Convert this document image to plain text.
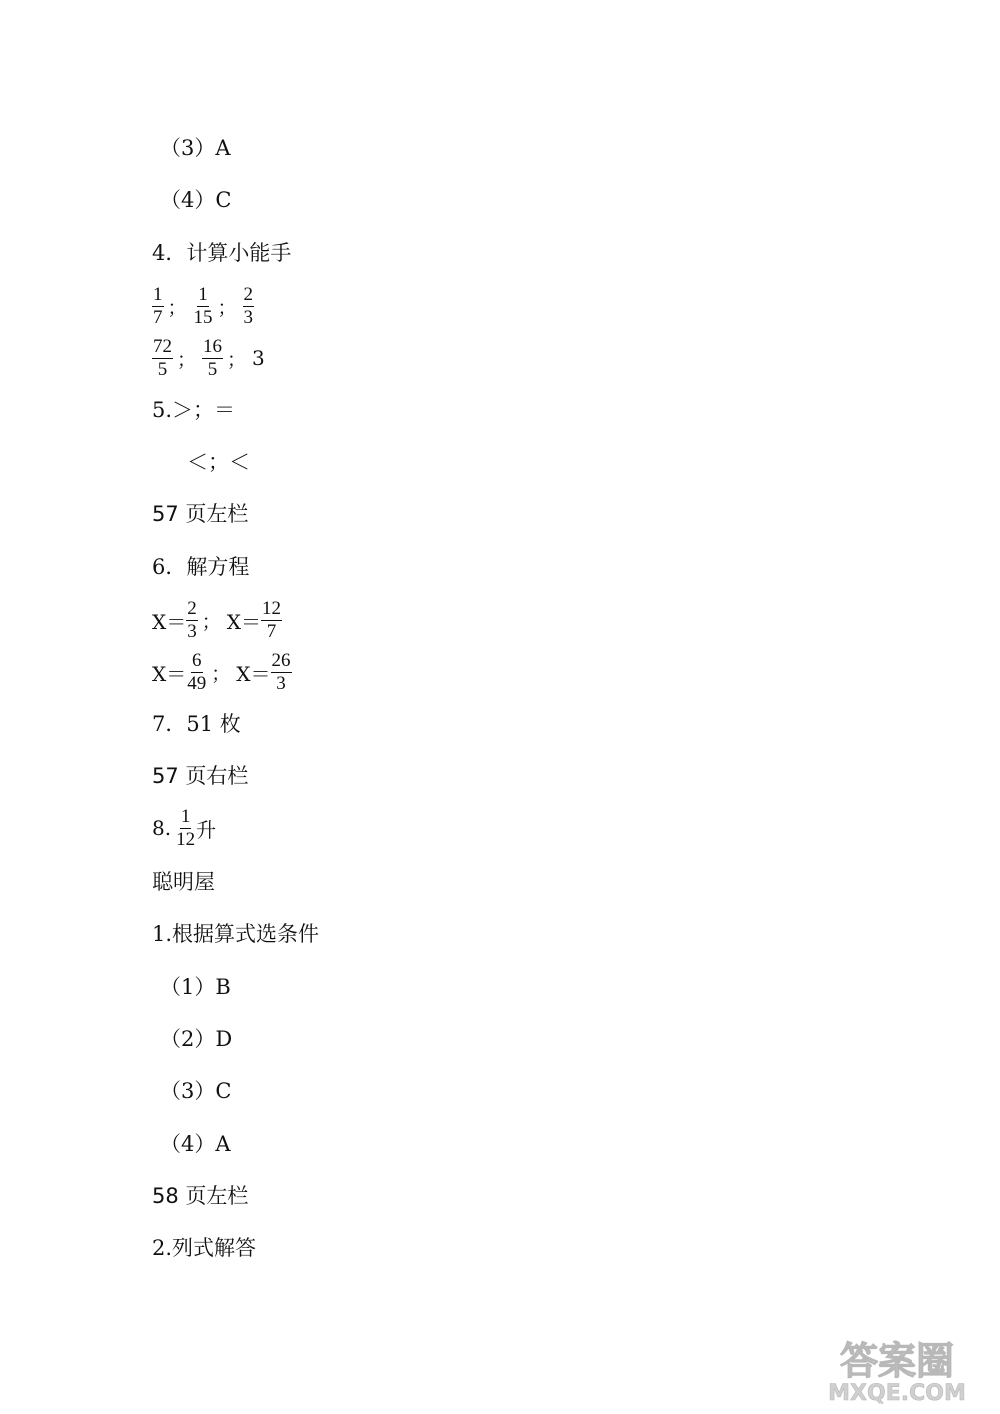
（3）A
（4）C
4．计算小能手
$\frac{1}{7}$ ； $\frac{1}{15}$ ； $\frac{2}{3}$
$\frac{72}{5}$ ； $\frac{16}{5}$ ； 3
5.＞；＝
＜；＜
57 页左栏
6．解方程
$X= \frac{2}{3}$ ； $X= \frac{12}{7}$
$X= \frac{6}{49}$ ； $X= \frac{26}{3}$
7．51 枚
57 页右栏
8. $\frac{1}{12}$ 升
聪明屋
1.根据算式选条件
（1）B
（2）D
（3）C
（4）A
58 页左栏
2.列式解答
答案圈
MXQE.COM
